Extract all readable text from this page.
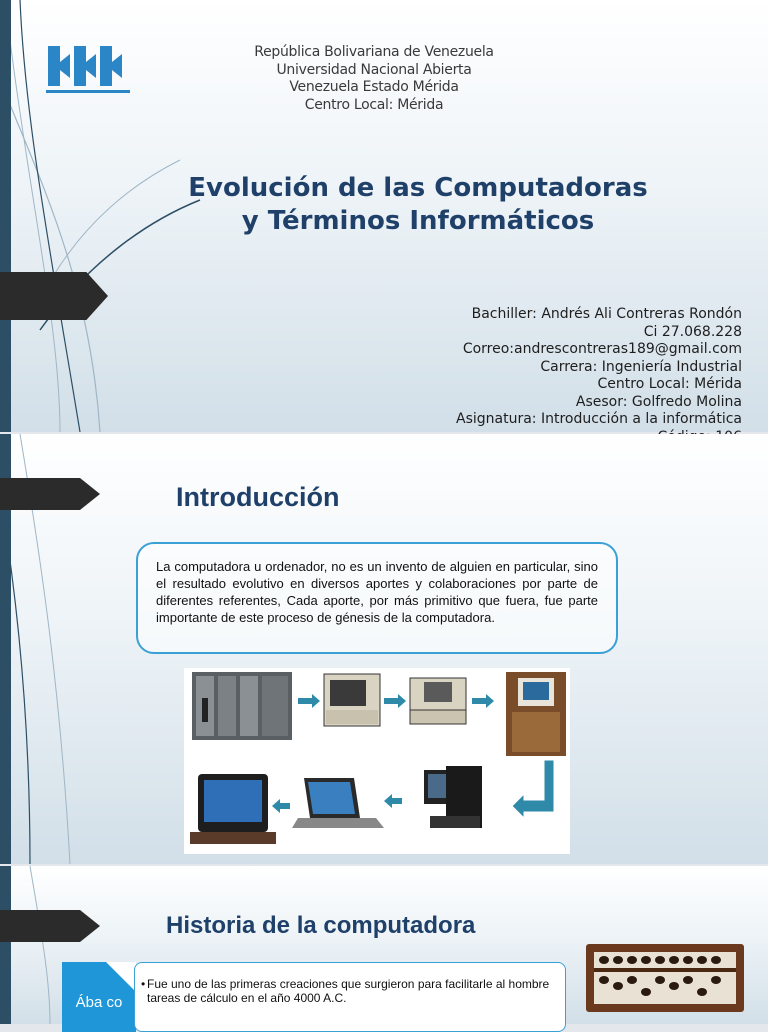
República Bolivariana de Venezuela
Universidad Nacional Abierta
Venezuela Estado Mérida
Centro Local: Mérida
Evolución de las Computadoras
y Términos Informáticos
Bachiller: Andrés Ali Contreras Rondón
Ci 27.068.228
Correo:andrescontreras189@gmail.com
Carrera: Ingeniería Industrial
Centro Local: Mérida
Asesor: Golfredo Molina
Asignatura: Introducción a la informática
Introducción
La computadora u ordenador, no es un invento de alguien en particular, sino el resultado evolutivo en diversos aportes y colaboraciones por parte de diferentes referentes, Cada aporte, por más primitivo que fuera, fue parte importante de este proceso de génesis de la computadora.
Historia de la computadora
Ába co
• Fue uno de las primeras creaciones que surgieron para facilitarle al hombre tareas de cálculo en el año 4000 A.C.
